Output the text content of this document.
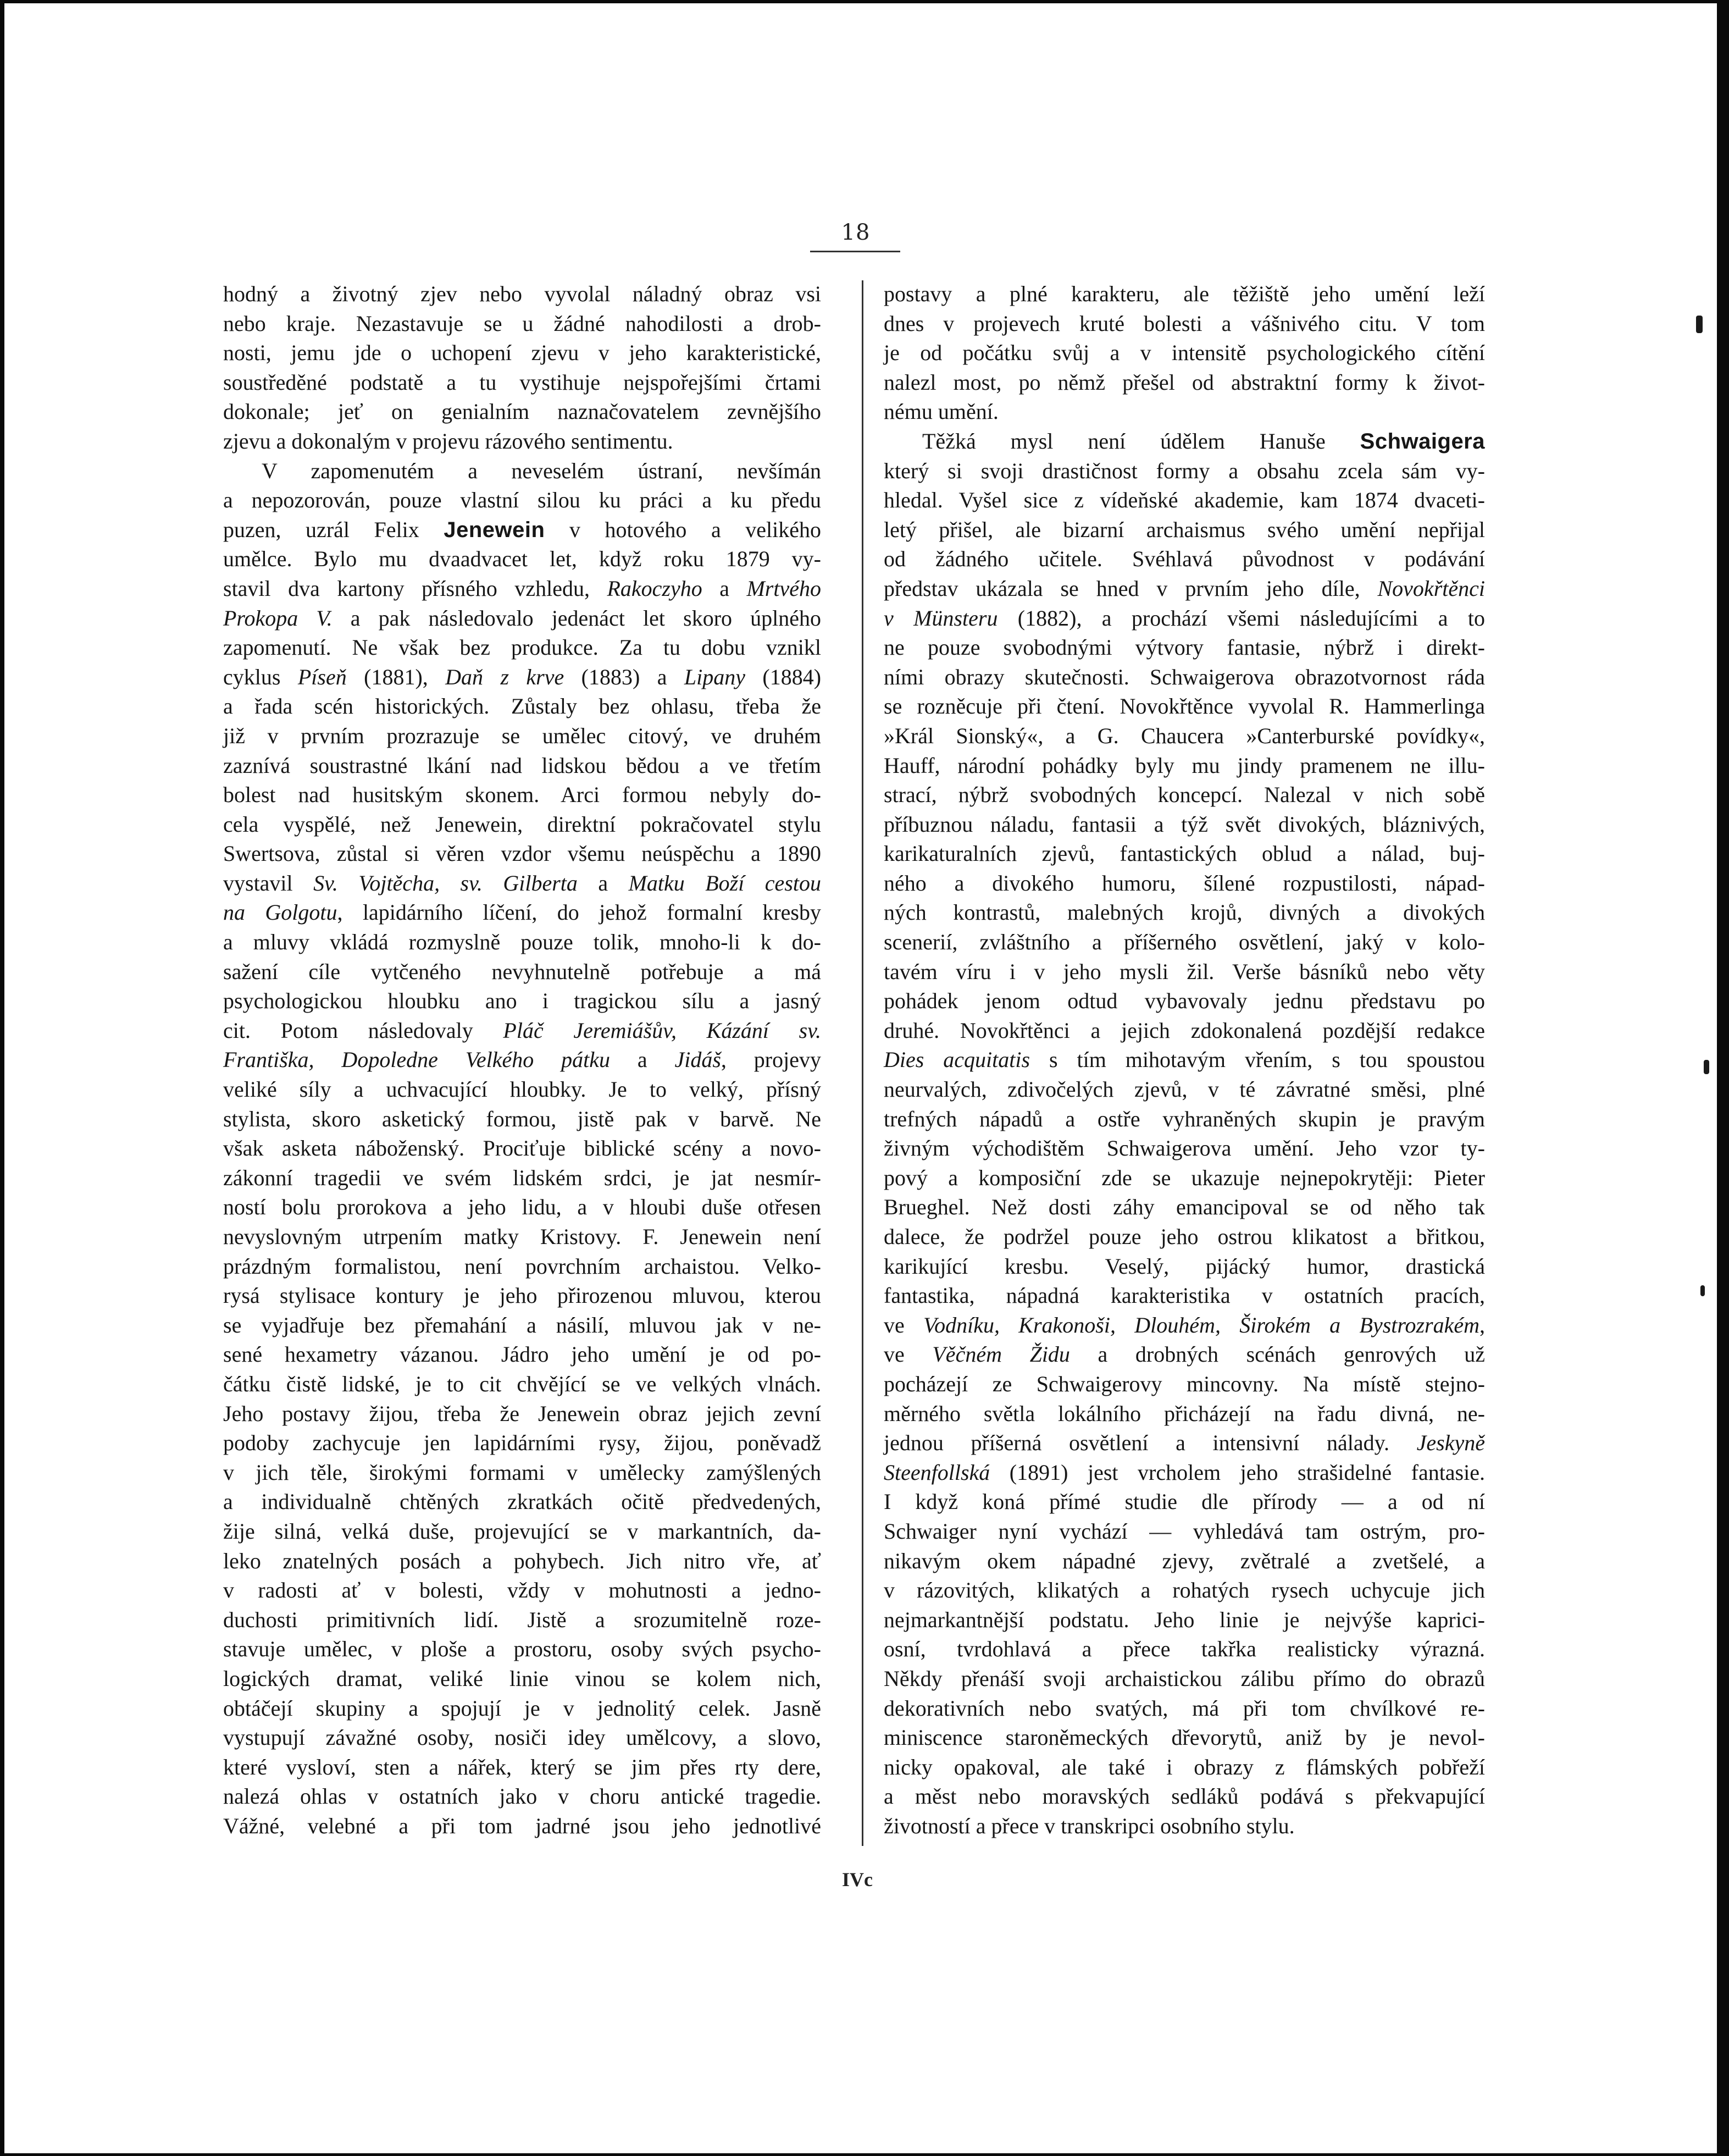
18
hodný a životný zjev nebo vyvolal náladný obraz vsi
nebo kraje. Nezastavuje se u žádné nahodilosti a drob-
nosti, jemu jde o uchopení zjevu v jeho karakteristické,
soustředěné podstatě a tu vystihuje nejspořejšími črtami
dokonale; jeť on genialním naznačovatelem zevnějšího
zjevu a dokonalým v projevu rázového sentimentu.
V zapomenutém a neveselém ústraní, nevšímán
a nepozorován, pouze vlastní silou ku práci a ku předu
puzen, uzrál Felix Jenewein v hotového a velikého
umělce. Bylo mu dvaadvacet let, když roku 1879 vy-
stavil dva kartony přísného vzhledu, Rakoczyho a Mrtvého
Prokopa V. a pak následovalo jedenáct let skoro úplného
zapomenutí. Ne však bez produkce. Za tu dobu vznikl
cyklus Píseň (1881), Daň z krve (1883) a Lipany (1884)
a řada scén historických. Zůstaly bez ohlasu, třeba že
již v prvním prozrazuje se umělec citový, ve druhém
zaznívá soustrastné lkání nad lidskou bědou a ve třetím
bolest nad husitským skonem. Arci formou nebyly do-
cela vyspělé, než Jenewein, direktní pokračovatel stylu
Swertsova, zůstal si věren vzdor všemu neúspěchu a 1890
vystavil Sv. Vojtěcha, sv. Gilberta a Matku Boží cestou
na Golgotu, lapidárního líčení, do jehož formalní kresby
a mluvy vkládá rozmyslně pouze tolik, mnoho-li k do-
sažení cíle vytčeného nevyhnutelně potřebuje a má
psychologickou hloubku ano i tragickou sílu a jasný
cit. Potom následovaly Pláč Jeremiášův, Kázání sv.
Františka, Dopoledne Velkého pátku a Jidáš, projevy
veliké síly a uchvacující hloubky. Je to velký, přísný
stylista, skoro asketický formou, jistě pak v barvě. Ne
však asketa náboženský. Prociťuje biblické scény a novo-
zákonní tragedii ve svém lidském srdci, je jat nesmír-
ností bolu prorokova a jeho lidu, a v hloubi duše otřesen
nevyslovným utrpením matky Kristovy. F. Jenewein není
prázdným formalistou, není povrchním archaistou. Velko-
rysá stylisace kontury je jeho přirozenou mluvou, kterou
se vyjadřuje bez přemahání a násilí, mluvou jak v ne-
sené hexametry vázanou. Jádro jeho umění je od po-
čátku čistě lidské, je to cit chvějící se ve velkých vlnách.
Jeho postavy žijou, třeba že Jenewein obraz jejich zevní
podoby zachycuje jen lapidárními rysy, žijou, poněvadž
v jich těle, širokými formami v umělecky zamýšlených
a individualně chtěných zkratkách očitě předvedených,
žije silná, velká duše, projevující se v markantních, da-
leko znatelných posách a pohybech. Jich nitro vře, ať
v radosti ať v bolesti, vždy v mohutnosti a jedno-
duchosti primitivních lidí. Jistě a srozumitelně roze-
stavuje umělec, v ploše a prostoru, osoby svých psycho-
logických dramat, veliké linie vinou se kolem nich,
obtáčejí skupiny a spojují je v jednolitý celek. Jasně
vystupují závažné osoby, nosiči idey umělcovy, a slovo,
které vysloví, sten a nářek, který se jim přes rty dere,
nalezá ohlas v ostatních jako v choru antické tragedie.
Vážné, velebné a při tom jadrné jsou jeho jednotlivé
postavy a plné karakteru, ale těžiště jeho umění leží
dnes v projevech kruté bolesti a vášnivého citu. V tom
je od počátku svůj a v intensitě psychologického cítění
nalezl most, po němž přešel od abstraktní formy k život-
nému umění.
Těžká mysl není údělem Hanuše Schwaigera
který si svoji drastičnost formy a obsahu zcela sám vy-
hledal. Vyšel sice z vídeňské akademie, kam 1874 dvaceti-
letý přišel, ale bizarní archaismus svého umění nepřijal
od žádného učitele. Svéhlavá původnost v podávání
představ ukázala se hned v prvním jeho díle, Novokřtěnci
v Münsteru (1882), a prochází všemi následujícími a to
ne pouze svobodnými výtvory fantasie, nýbrž i direkt-
ními obrazy skutečnosti. Schwaigerova obrazotvornost ráda
se rozněcuje při čtení. Novokřtěnce vyvolal R. Hammerlinga
»Král Sionský«, a G. Chaucera »Canterburské povídky«,
Hauff, národní pohádky byly mu jindy pramenem ne illu-
strací, nýbrž svobodných koncepcí. Nalezal v nich sobě
příbuznou náladu, fantasii a týž svět divokých, bláznivých,
karikaturalních zjevů, fantastických oblud a nálad, buj-
ného a divokého humoru, šílené rozpustilosti, nápad-
ných kontrastů, malebných krojů, divných a divokých
scenerií, zvláštního a příšerného osvětlení, jaký v kolo-
tavém víru i v jeho mysli žil. Verše básníků nebo věty
pohádek jenom odtud vybavovaly jednu představu po
druhé. Novokřtěnci a jejich zdokonalená pozdější redakce
Dies acquitatis s tím mihotavým vřením, s tou spoustou
neurvalých, zdivočelých zjevů, v té závratné směsi, plné
trefných nápadů a ostře vyhraněných skupin je pravým
živným východištěm Schwaigerova umění. Jeho vzor ty-
pový a komposiční zde se ukazuje nejnepokrytěji: Pieter
Brueghel. Než dosti záhy emancipoval se od něho tak
dalece, že podržel pouze jeho ostrou klikatost a břitkou,
karikující kresbu. Veselý, pijácký humor, drastická
fantastika, nápadná karakteristika v ostatních pracích,
ve Vodníku, Krakonoši, Dlouhém, Širokém a Bystrozrakém,
ve Věčném Židu a drobných scénách genrových už
pocházejí ze Schwaigerovy mincovny. Na místě stejno-
měrného světla lokálního přicházejí na řadu divná, ne-
jednou příšerná osvětlení a intensivní nálady. Jeskyně
Steenfollská (1891) jest vrcholem jeho strašidelné fantasie.
I když koná přímé studie dle přírody — a od ní
Schwaiger nyní vychází — vyhledává tam ostrým, pro-
nikavým okem nápadné zjevy, zvětralé a zvetšelé, a
v rázovitých, klikatých a rohatých rysech uchycuje jich
nejmarkantnější podstatu. Jeho linie je nejvýše kaprici-
osní, tvrdohlavá a přece takřka realisticky výrazná.
Někdy přenáší svoji archaistickou zálibu přímo do obrazů
dekorativních nebo svatých, má při tom chvílkové re-
miniscence staroněmeckých dřevorytů, aniž by je nevol-
nicky opakoval, ale také i obrazy z flámských pobřeží
a měst nebo moravských sedláků podává s překvapující
životností a přece v transkripci osobního stylu.
IVc
